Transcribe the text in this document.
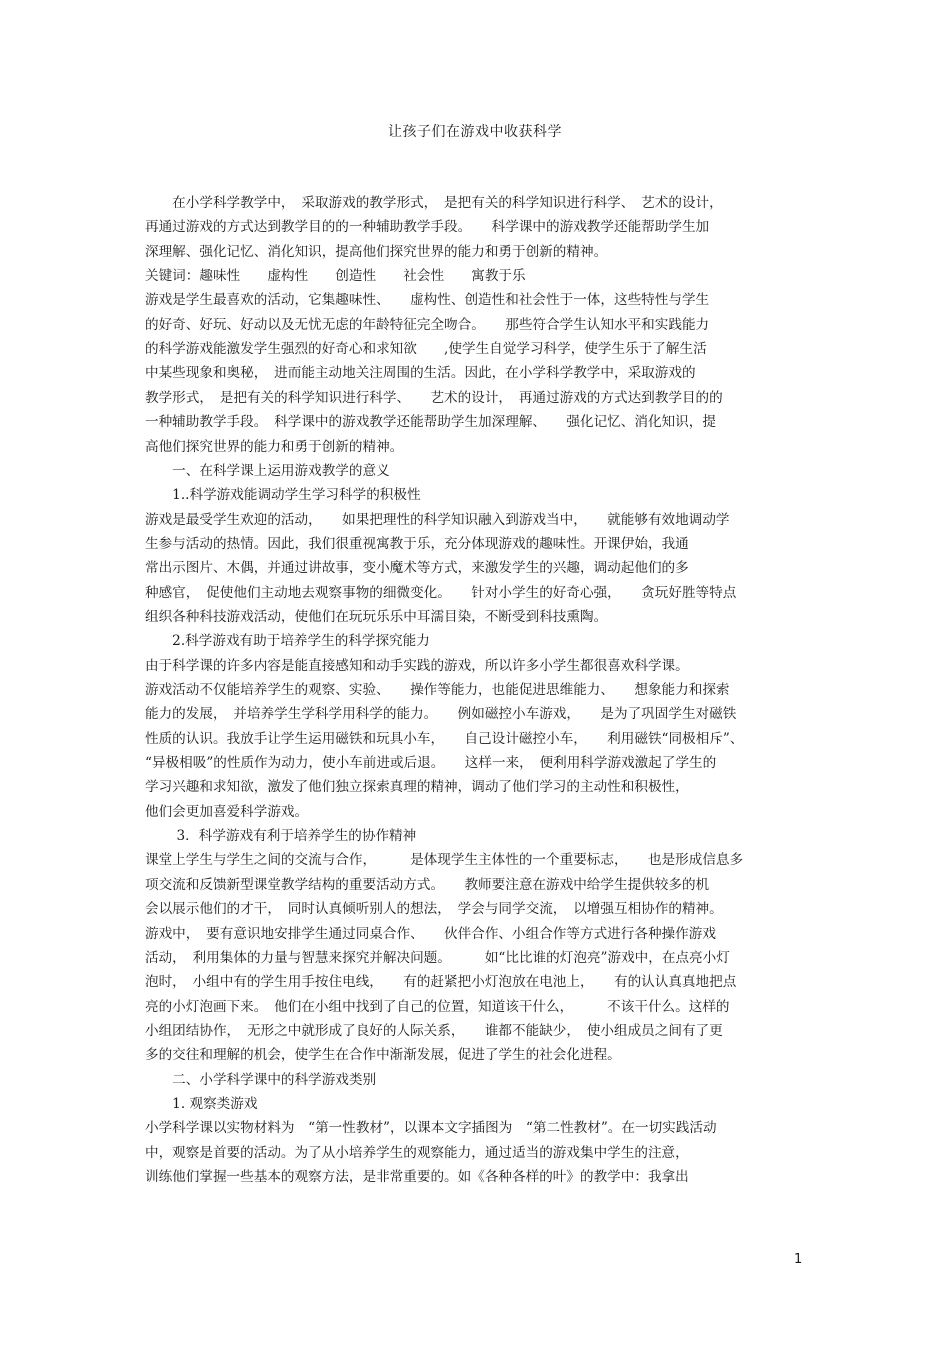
让孩子们在游戏中收获科学
　　在小学科学教学中，　采取游戏的教学形式，　是把有关的科学知识进行科学、　艺术的设计，
再通过游戏的方式达到教学目的的一种辅助教学手段。　　科学课中的游戏教学还能帮助学生加
深理解、强化记忆、消化知识，提高他们探究世界的能力和勇于创新的精神。
关键词：趣味性　　虚构性　　创造性　　社会性　　寓教于乐
游戏是学生最喜欢的活动，它集趣味性、　　虚构性、创造性和社会性于一体，这些特性与学生
的好奇、好玩、好动以及无忧无虑的年龄特征完全吻合。　　那些符合学生认知水平和实践能力
的科学游戏能激发学生强烈的好奇心和求知欲　　,使学生自觉学习科学，使学生乐于了解生活
中某些现象和奥秘，　进而能主动地关注周围的生活。因此，在小学科学教学中，采取游戏的
教学形式，　是把有关的科学知识进行科学、　　艺术的设计，　再通过游戏的方式达到教学目的的
一种辅助教学手段。　科学课中的游戏教学还能帮助学生加深理解、　　强化记忆、消化知识，提
高他们探究世界的能力和勇于创新的精神。
　　一、在科学课上运用游戏教学的意义
　　1..科学游戏能调动学生学习科学的积极性
游戏是最受学生欢迎的活动，　　如果把理性的科学知识融入到游戏当中，　　就能够有效地调动学
生参与活动的热情。因此，我们很重视寓教于乐，充分体现游戏的趣味性。开课伊始，我通
常出示图片、木偶，并通过讲故事，变小魔术等方式，来激发学生的兴趣，调动起他们的多
种感官，　促使他们主动地去观察事物的细微变化。　　针对小学生的好奇心强，　　贪玩好胜等特点
组织各种科技游戏活动，使他们在玩玩乐乐中耳濡目染，不断受到科技熏陶。
　　2.科学游戏有助于培养学生的科学探究能力
由于科学课的许多内容是能直接感知和动手实践的游戏，所以许多小学生都很喜欢科学课。
游戏活动不仅能培养学生的观察、实验、　　操作等能力，也能促进思维能力、　　想象能力和探索
能力的发展，　并培养学生学科学用科学的能力。　　例如磁控小车游戏，　　是为了巩固学生对磁铁
性质的认识。我放手让学生运用磁铁和玩具小车，　　自己设计磁控小车，　　利用磁铁“同极相斥”、
“异极相吸”的性质作为动力，使小车前进或后退。　　这样一来，　便利用科学游戏激起了学生的
学习兴趣和求知欲，激发了他们独立探索真理的精神，调动了他们学习的主动性和积极性，
他们会更加喜爱科学游戏。
　　 3．科学游戏有利于培养学生的协作精神
课堂上学生与学生之间的交流与合作，　　　是体现学生主体性的一个重要标志，　　也是形成信息多
项交流和反馈新型课堂教学结构的重要活动方式。　　教师要注意在游戏中给学生提供较多的机
会以展示他们的才干，　同时认真倾听别人的想法，　学会与同学交流，　以增强互相协作的精神。
游戏中，　要有意识地安排学生通过同桌合作、　　伙伴合作、小组合作等方式进行各种操作游戏
活动，　利用集体的力量与智慧来探究并解决问题。　　　如“比比谁的灯泡亮”游戏中，在点亮小灯
泡时，　小组中有的学生用手按住电线，　　有的赶紧把小灯泡放在电池上，　　有的认认真真地把点
亮的小灯泡画下来。　他们在小组中找到了自己的位置，知道该干什么，　　　不该干什么。这样的
小组团结协作，　无形之中就形成了良好的人际关系，　　谁都不能缺少，　使小组成员之间有了更
多的交往和理解的机会，使学生在合作中渐渐发展，促进了学生的社会化进程。
　　二、小学科学课中的科学游戏类别
　　1. 观察类游戏
小学科学课以实物材料为　“第一性教材”，以课本文字插图为　“第二性教材”。在一切实践活动
中，观察是首要的活动。为了从小培养学生的观察能力，通过适当的游戏集中学生的注意，
训练他们掌握一些基本的观察方法，是非常重要的。如《各种各样的叶》的教学中：我拿出
1
